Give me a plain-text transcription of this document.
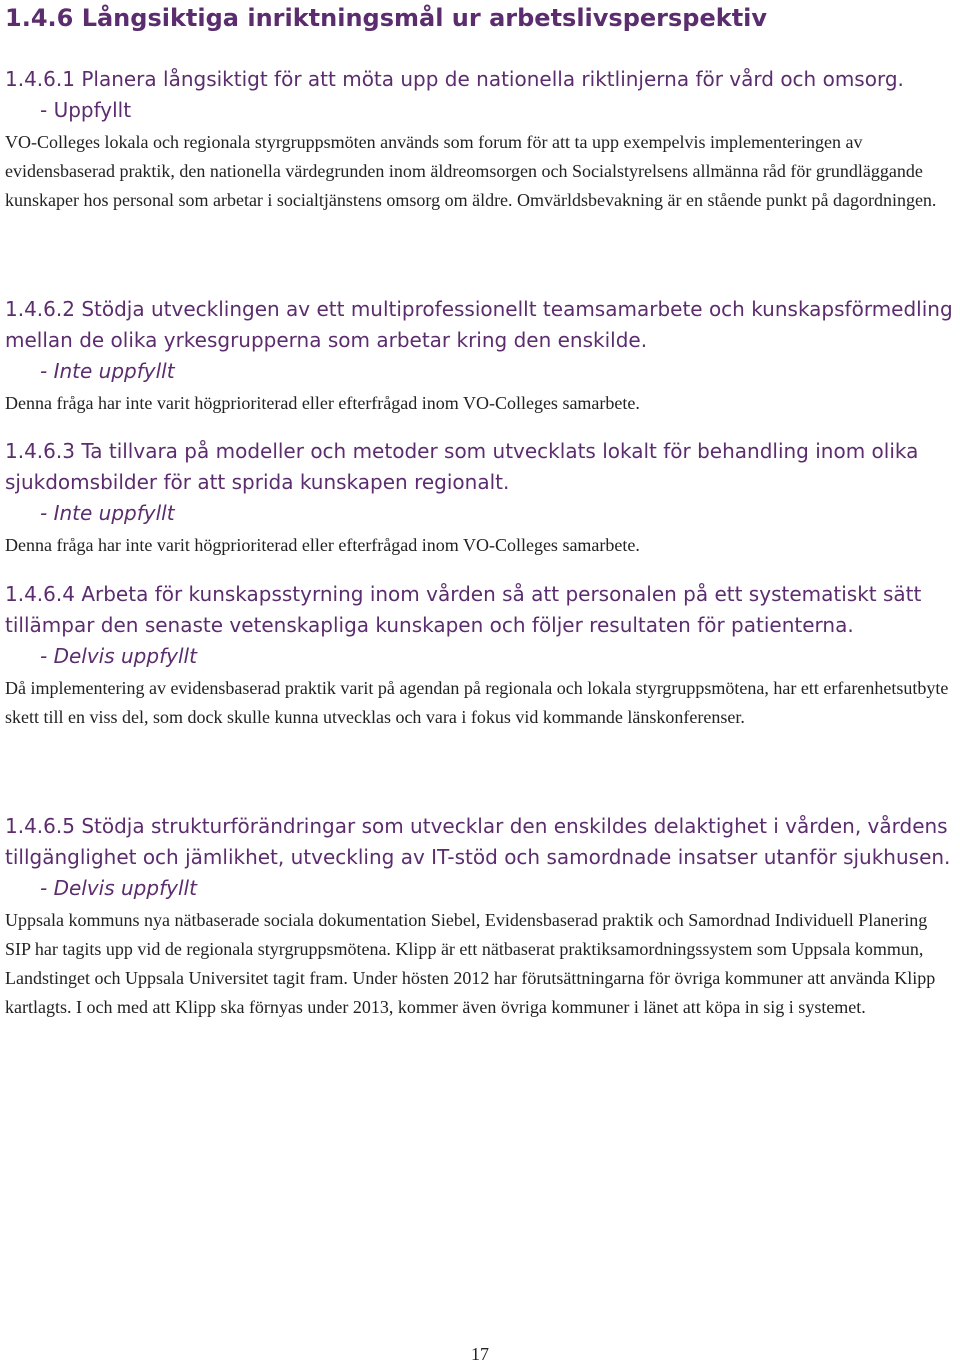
1.4.6 Långsiktiga inriktningsmål ur arbetslivsperspektiv

1.4.6.1 Planera långsiktigt för att möta upp de nationella riktlinjerna för vård och omsorg.

- Uppfyllt

VO-Colleges lokala och regionala styrgruppsmöten används som forum för att ta upp exempelvis implementeringen av evidensbaserad praktik, den nationella värdegrunden inom äldreomsorgen och Socialstyrelsens allmänna råd för grundläggande kunskaper hos personal som arbetar i socialtjänstens omsorg om äldre. Omvärldsbevakning är en stående punkt på dagordningen.

1.4.6.2 Stödja utvecklingen av ett multiprofessionellt teamsamarbete och kunskapsförmedling mellan de olika yrkesgrupperna som arbetar kring den enskilde.

- Inte uppfyllt

Denna fråga har inte varit högprioriterad eller efterfrågad inom VO-Colleges samarbete.

1.4.6.3 Ta tillvara på modeller och metoder som utvecklats lokalt för behandling inom olika sjukdomsbilder för att sprida kunskapen regionalt.

- Inte uppfyllt

Denna fråga har inte varit högprioriterad eller efterfrågad inom VO-Colleges samarbete.

1.4.6.4 Arbeta för kunskapsstyrning inom vården så att personalen på ett systematiskt sätt tillämpar den senaste vetenskapliga kunskapen och följer resultaten för patienterna.

- Delvis uppfyllt

Då implementering av evidensbaserad praktik varit på agendan på regionala och lokala styrgruppsmötena, har ett erfarenhetsutbyte skett till en viss del, som dock skulle kunna utvecklas och vara i fokus vid kommande länskonferenser.

1.4.6.5 Stödja strukturförändringar som utvecklar den enskildes delaktighet i vården, vårdens tillgänglighet och jämlikhet, utveckling av IT-stöd och samordnade insatser utanför sjukhusen.

- Delvis uppfyllt

Uppsala kommuns nya nätbaserade sociala dokumentation Siebel, Evidensbaserad praktik och Samordnad Individuell Planering SIP har tagits upp vid de regionala styrgruppsmötena. Klipp är ett nätbaserat praktiksamordningssystem som Uppsala kommun, Landstinget och Uppsala Universitet tagit fram. Under hösten 2012 har förutsättningarna för övriga kommuner att använda Klipp kartlagts. I och med att Klipp ska förnyas under 2013, kommer även övriga kommuner i länet att köpa in sig i systemet.

17
